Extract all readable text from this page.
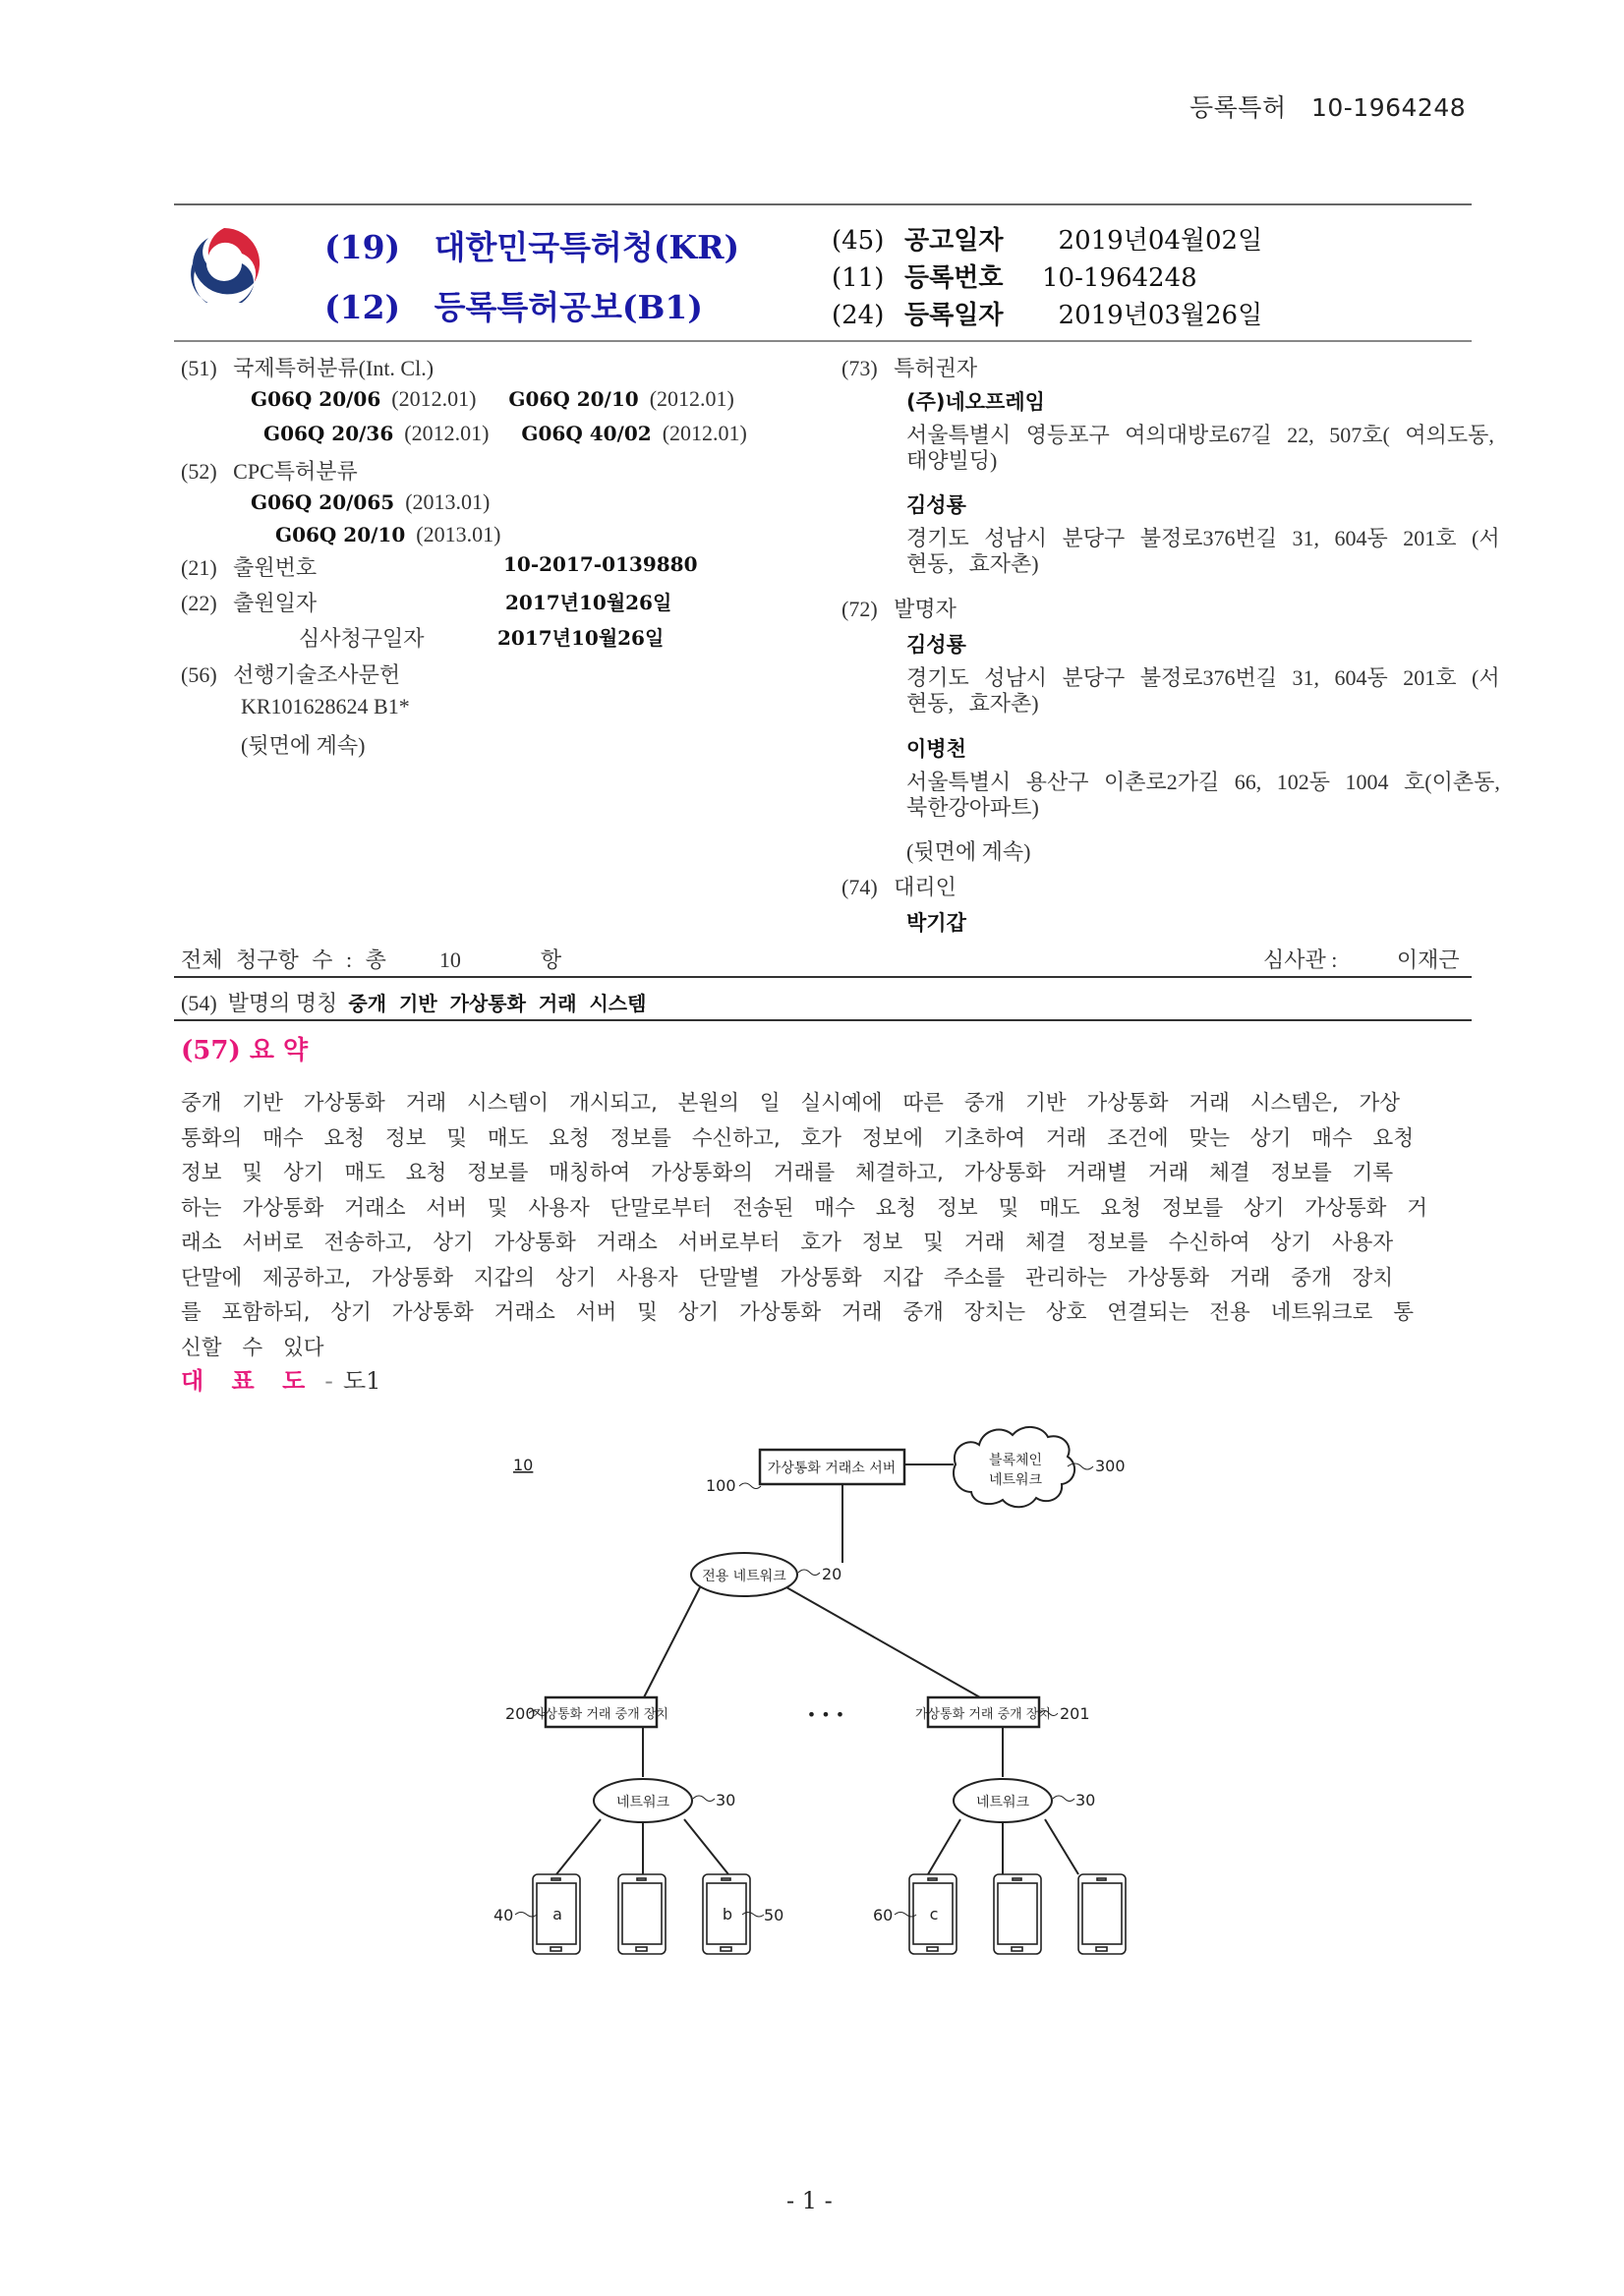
등록특허 10-1964248
(19) 대한민국특허청(KR)
(12) 등록특허공보(B1)
(45) 공고일자 2019년04월02일
(11) 등록번호 10-1964248
(24) 등록일자 2019년03월26일
(51) 국제특허분류(Int. Cl.)
G06Q 20/06 (2012.01) G06Q 20/10 (2012.01)
G06Q 20/36 (2012.01) G06Q 40/02 (2012.01)
(52) CPC특허분류
G06Q 20/065 (2013.01)
G06Q 20/10 (2013.01)
(21) 출원번호	10-2017-0139880
(22) 출원일자	2017년10월26일
심사청구일자	2017년10월26일
(56) 선행기술조사문헌
KR101628624 B1*
(뒷면에 계속)
(73) 특허권자
(주)네오프레임
서울특별시 영등포구 여의대방로67길 22, 507호( 여의도동, 태양빌딩)
김성룡
경기도 성남시 분당구 불정로376번길 31, 604동 201호 (서현동, 효자촌)
(72) 발명자
김성룡
경기도 성남시 분당구 불정로376번길 31, 604동 201호 (서현동, 효자촌)
이병천
서울특별시 용산구 이촌로2가길 66, 102동 1004 호(이촌동, 북한강아파트)
(뒷면에 계속)
(74) 대리인
박기갑
전체 청구항 수 : 총 10	항	심사관 :	이재근
(54) 발명의 명칭 중개 기반 가상통화 거래 시스템
(57) 요 약
중개 기반 가상통화 거래 시스템이 개시되고, 본원의 일 실시예에 따른 중개 기반 가상통화 거래 시스템은, 가상
통화의 매수 요청 정보 및 매도 요청 정보를 수신하고, 호가 정보에 기초하여 거래 조건에 맞는 상기 매수 요청
정보 및 상기 매도 요청 정보를 매칭하여 가상통화의 거래를 체결하고, 가상통화 거래별 거래 체결 정보를 기록
하는 가상통화 거래소 서버 및 사용자 단말로부터 전송된 매수 요청 정보 및 매도 요청 정보를 상기 가상통화 거
래소 서버로 전송하고, 상기 가상통화 거래소 서버로부터 호가 정보 및 거래 체결 정보를 수신하여 상기 사용자
단말에 제공하고, 가상통화 지갑의 상기 사용자 단말별 가상통화 지갑 주소를 관리하는 가상통화 거래 중개 장치
를 포함하되, 상기 가상통화 거래소 서버 및 상기 가상통화 거래 중개 장치는 상호 연결되는 전용 네트워크로 통
신할 수 있다
대 표 도 - 도1
10	가상통화 거래소 서버
100
블록체인
네트워크
300
전용 네트워크 20
가상통화 거래 중개 장치
200	• • •	가상통화 거래 중개 장치 201
네트워크	30	네트워크	30
a	b	c
40	50	60
- 1 -
